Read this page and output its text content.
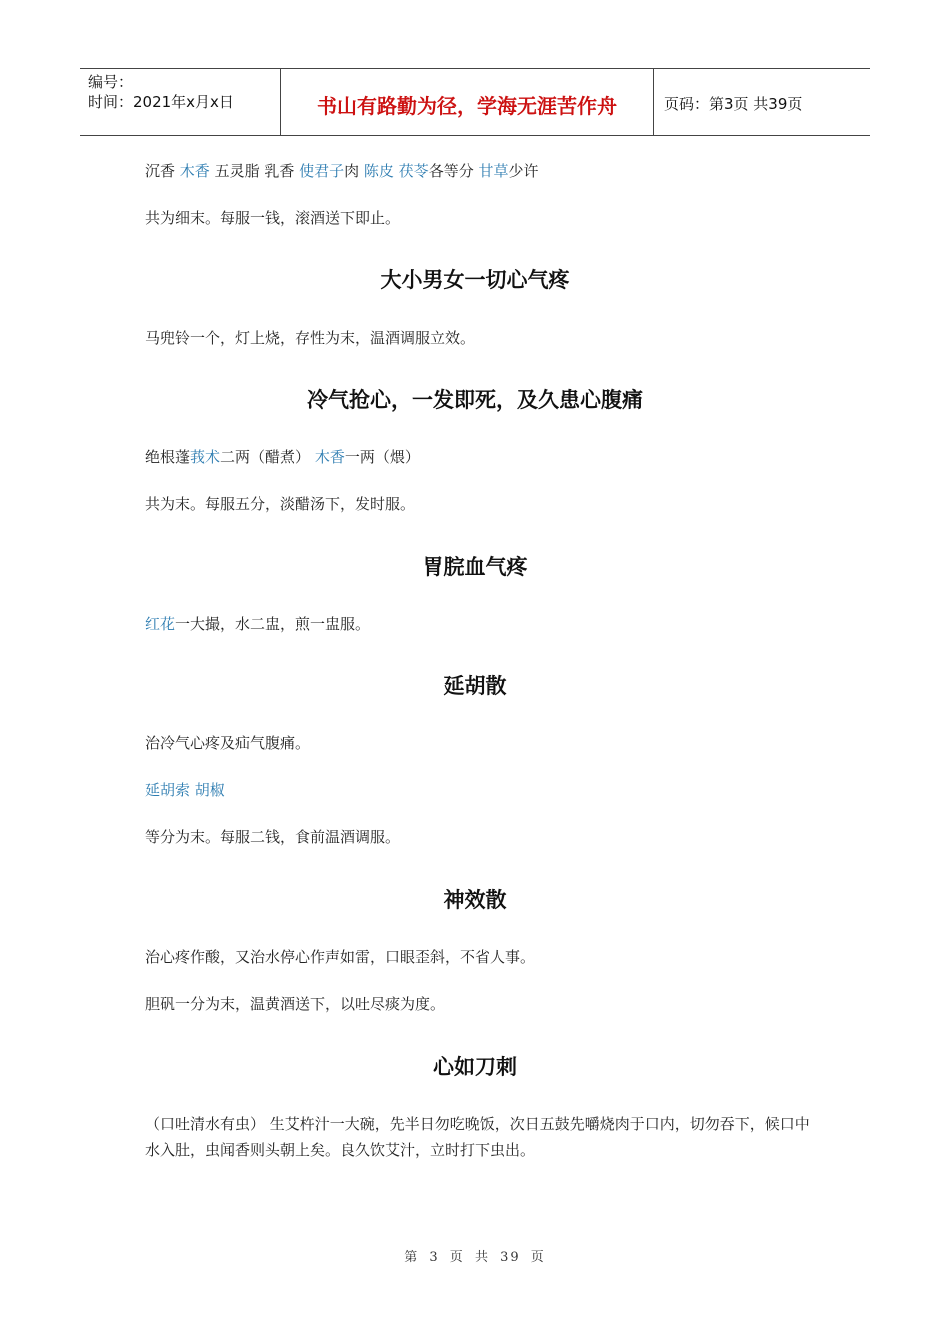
编号：
时间：2021年x月x日	书山有路勤为径，学海无涯苦作舟	页码：第3页 共39页
沉香 木香 五灵脂 乳香 使君子肉 陈皮 茯苓各等分 甘草少许
共为细末。每服一钱，滚酒送下即止。
大小男女一切心气疼
马兜铃一个，灯上烧，存性为末，温酒调服立效。
冷气抢心，一发即死，及久患心腹痛
绝根蓬莪术二两（醋煮） 木香一两（煨）
共为末。每服五分，淡醋汤下，发时服。
胃脘血气疼
红花一大撮，水二盅，煎一盅服。
延胡散
治冷气心疼及疝气腹痛。
延胡索 胡椒
等分为末。每服二钱，食前温酒调服。
神效散
治心疼作酸，又治水停心作声如雷，口眼歪斜，不省人事。
胆矾一分为末，温黄酒送下，以吐尽痰为度。
心如刀刺
（口吐清水有虫） 生艾杵汁一大碗，先半日勿吃晚饭，次日五鼓先嚼烧肉于口内，切勿吞下，候口中水入肚，虫闻香则头朝上矣。良久饮艾汁，立时打下虫出。
第 3 页 共 39 页
